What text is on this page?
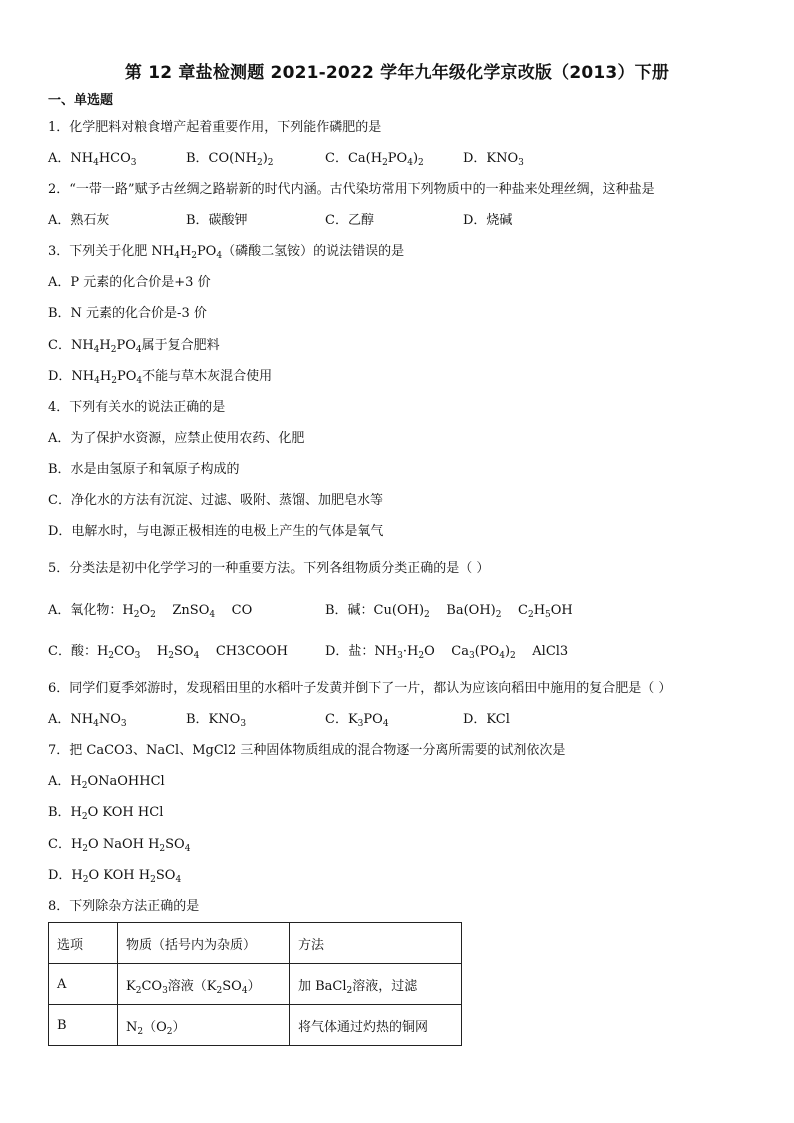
第 12 章盐检测题 2021-2022 学年九年级化学京改版（2013）下册
一、单选题
1．化学肥料对粮食增产起着重要作用，下列能作磷肥的是
A．$NH_4HCO_3$	B．$CO(NH_2)_2$	C．$Ca(H_2PO_4)_2$	D．$KNO_3$
2．“一带一路”赋予古丝绸之路崭新的时代内涵。古代染坊常用下列物质中的一种盐来处理丝绸，这种盐是
A．熟石灰	B．碳酸钾	C．乙醇	D．烧碱
3．下列关于化肥 $NH_4H_2PO_4$（磷酸二氢铵）的说法错误的是
A．P 元素的化合价是+3 价
B．N 元素的化合价是-3 价
C．$NH_4H_2PO_4$属于复合肥料
D．$NH_4H_2PO_4$不能与草木灰混合使用
4．下列有关水的说法正确的是
A．为了保护水资源，应禁止使用农药、化肥
B．水是由氢原子和氧原子构成的
C．净化水的方法有沉淀、过滤、吸附、蒸馏、加肥皂水等
D．电解水时，与电源正极相连的电极上产生的气体是氧气
5．分类法是初中化学学习的一种重要方法。下列各组物质分类正确的是（ ）
A．氧化物：$H_2O_2$    ZnSO$_4$    CO	B．碱：$Cu(OH)_2$    $Ba(OH)_2$    $C_2H_5OH$
C．酸：$H_2CO_3$    $H_2SO_4$    CH3COOH	D．盐：$NH_3\cdot H_2O$    $Ca_3(PO_4)_2$    AlCl3
6．同学们夏季郊游时，发现稻田里的水稻叶子发黄并倒下了一片，都认为应该向稻田中施用的复合肥是（ ）
A．$NH_4NO_3$	B．$KNO_3$	C．$K_3PO_4$	D．KCl
7．把 CaCO3、NaCl、MgCl2 三种固体物质组成的混合物逐一分离所需要的试剂依次是
A．$H_2ONaOHHCl$
B．$H_2O$ KOH HCl
C．$H_2O$ NaOH $H_2SO_4$
D．$H_2O$ KOH $H_2SO_4$
8．下列除杂方法正确的是
选项	物质（括号内为杂质）	方法
A	$K_2CO_3$溶液$(K_2SO_4)$	加 BaCl$_2$溶液，过滤
B	$N_2(O_2)$	将气体通过灼热的铜网
